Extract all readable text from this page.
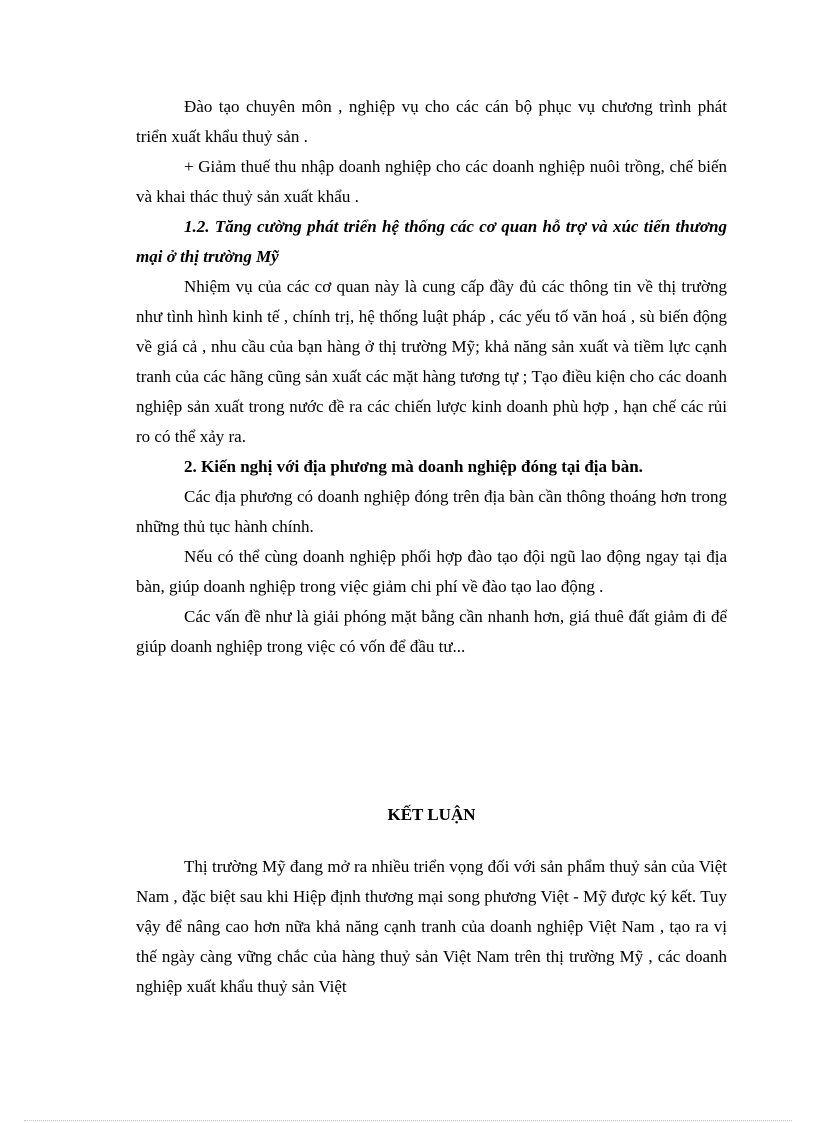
Đào tạo chuyên môn , nghiệp vụ cho các cán bộ phục vụ chương trình phát triển xuất khẩu thuỷ sản .

+ Giảm thuế thu nhập doanh nghiệp cho các doanh nghiệp nuôi trồng, chế biến và khai thác thuỷ sản xuất khẩu .

1.2. Tăng cường phát triển hệ thống các cơ quan hỗ trợ và xúc tiến thương mại ở thị trường Mỹ

Nhiệm vụ của các cơ quan này là cung cấp đầy đủ các thông tin về thị trường như tình hình kinh tế , chính trị, hệ thống luật pháp , các yếu tố văn hoá , sù biến động về giá cả , nhu cầu của bạn hàng ở thị trường Mỹ; khả năng sản xuất và tiềm lực cạnh tranh của các hãng cũng sản xuất các mặt hàng tương tự ; Tạo điều kiện cho các doanh nghiệp sản xuất trong nước đề ra các chiến lược kinh doanh phù hợp , hạn chế các rủi ro có thể xảy ra.

2. Kiến nghị với địa phương mà doanh nghiệp đóng tại địa bàn.

Các địa phương có doanh nghiệp đóng trên địa bàn cần thông thoáng hơn trong những thủ tục hành chính.

Nếu có thể cùng doanh nghiệp phối hợp đào tạo đội ngũ lao động ngay tại địa bàn, giúp doanh nghiệp trong việc giảm chi phí về đào tạo lao động .

Các vấn đề như là giải phóng mặt bằng cần nhanh hơn, giá thuê đất giảm đi để giúp doanh nghiệp trong việc có vốn để đầu tư...

KẾT LUẬN

Thị trường Mỹ đang mở ra nhiều triển vọng đối với sản phẩm thuỷ sản của Việt Nam , đặc biệt sau khi Hiệp định thương mại song phương Việt - Mỹ được ký kết. Tuy vậy để nâng cao hơn nữa khả năng cạnh tranh của doanh nghiệp Việt Nam , tạo ra vị thế ngày càng vững chắc của hàng thuỷ sản Việt Nam trên thị trường Mỹ , các doanh nghiệp xuất khẩu thuỷ sản Việt
